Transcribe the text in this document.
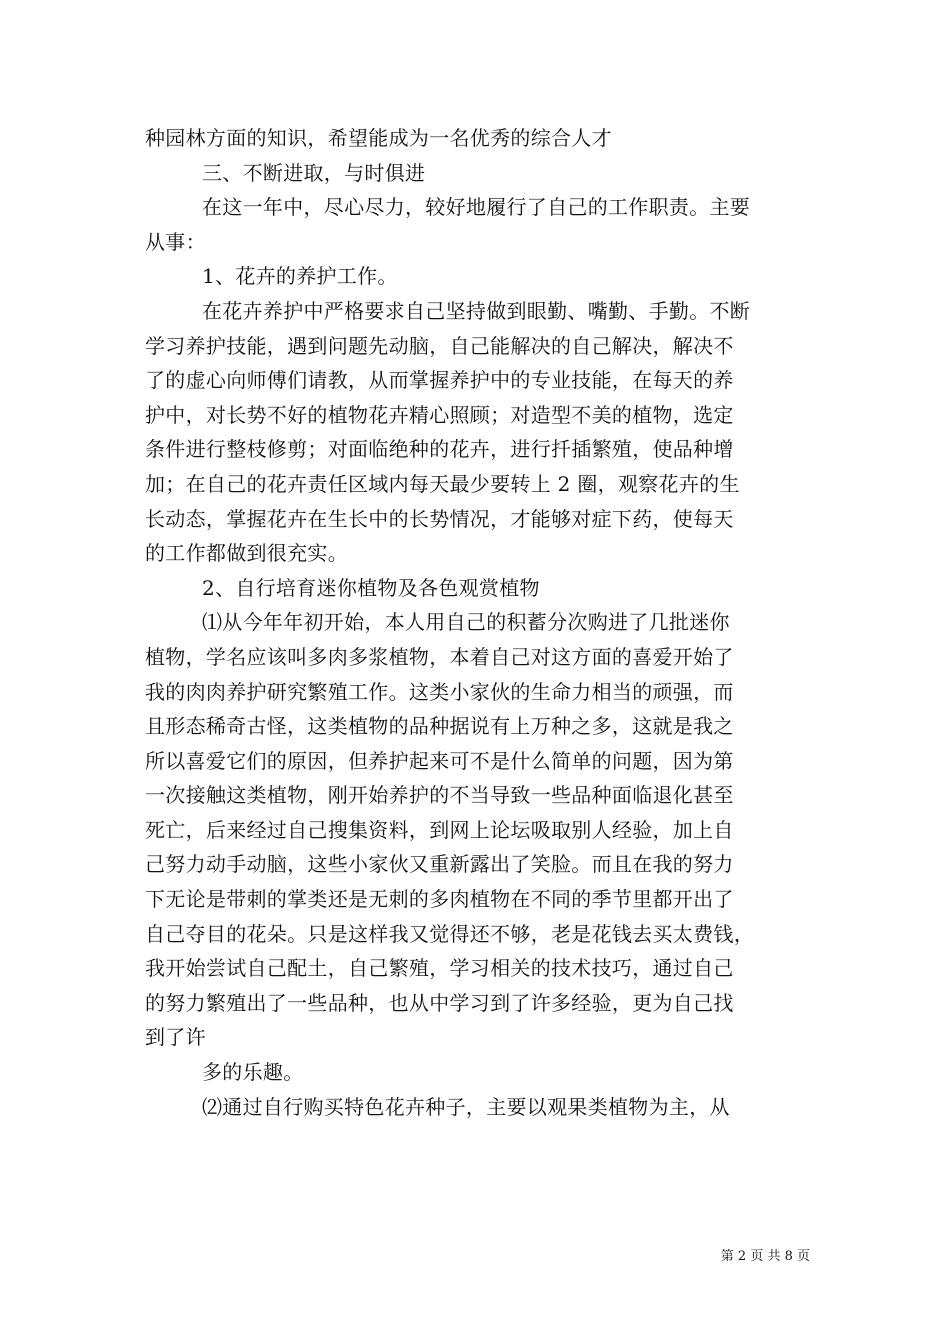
种园林方面的知识，希望能成为一名优秀的综合人才
三、不断进取，与时俱进
在这一年中，尽心尽力，较好地履行了自己的工作职责。主要
从事：
1、花卉的养护工作。
在花卉养护中严格要求自己坚持做到眼勤、嘴勤、手勤。不断
学习养护技能，遇到问题先动脑，自己能解决的自己解决，解决不
了的虚心向师傅们请教，从而掌握养护中的专业技能，在每天的养
护中，对长势不好的植物花卉精心照顾；对造型不美的植物，选定
条件进行整枝修剪；对面临绝种的花卉，进行扦插繁殖，使品种增
加；在自己的花卉责任区域内每天最少要转上 2 圈，观察花卉的生
长动态，掌握花卉在生长中的长势情况，才能够对症下药，使每天
的工作都做到很充实。
2、自行培育迷你植物及各色观赏植物
⑴从今年年初开始，本人用自己的积蓄分次购进了几批迷你
植物，学名应该叫多肉多浆植物，本着自己对这方面的喜爱开始了
我的肉肉养护研究繁殖工作。这类小家伙的生命力相当的顽强，而
且形态稀奇古怪，这类植物的品种据说有上万种之多，这就是我之
所以喜爱它们的原因，但养护起来可不是什么简单的问题，因为第
一次接触这类植物，刚开始养护的不当导致一些品种面临退化甚至
死亡，后来经过自己搜集资料，到网上论坛吸取别人经验，加上自
己努力动手动脑，这些小家伙又重新露出了笑脸。而且在我的努力
下无论是带刺的掌类还是无刺的多肉植物在不同的季节里都开出了
自己夺目的花朵。只是这样我又觉得还不够，老是花钱去买太费钱，
我开始尝试自己配土，自己繁殖，学习相关的技术技巧，通过自己
的努力繁殖出了一些品种，也从中学习到了许多经验，更为自己找
到了许
多的乐趣。
⑵通过自行购买特色花卉种子，主要以观果类植物为主，从
第 2 页 共 8 页
